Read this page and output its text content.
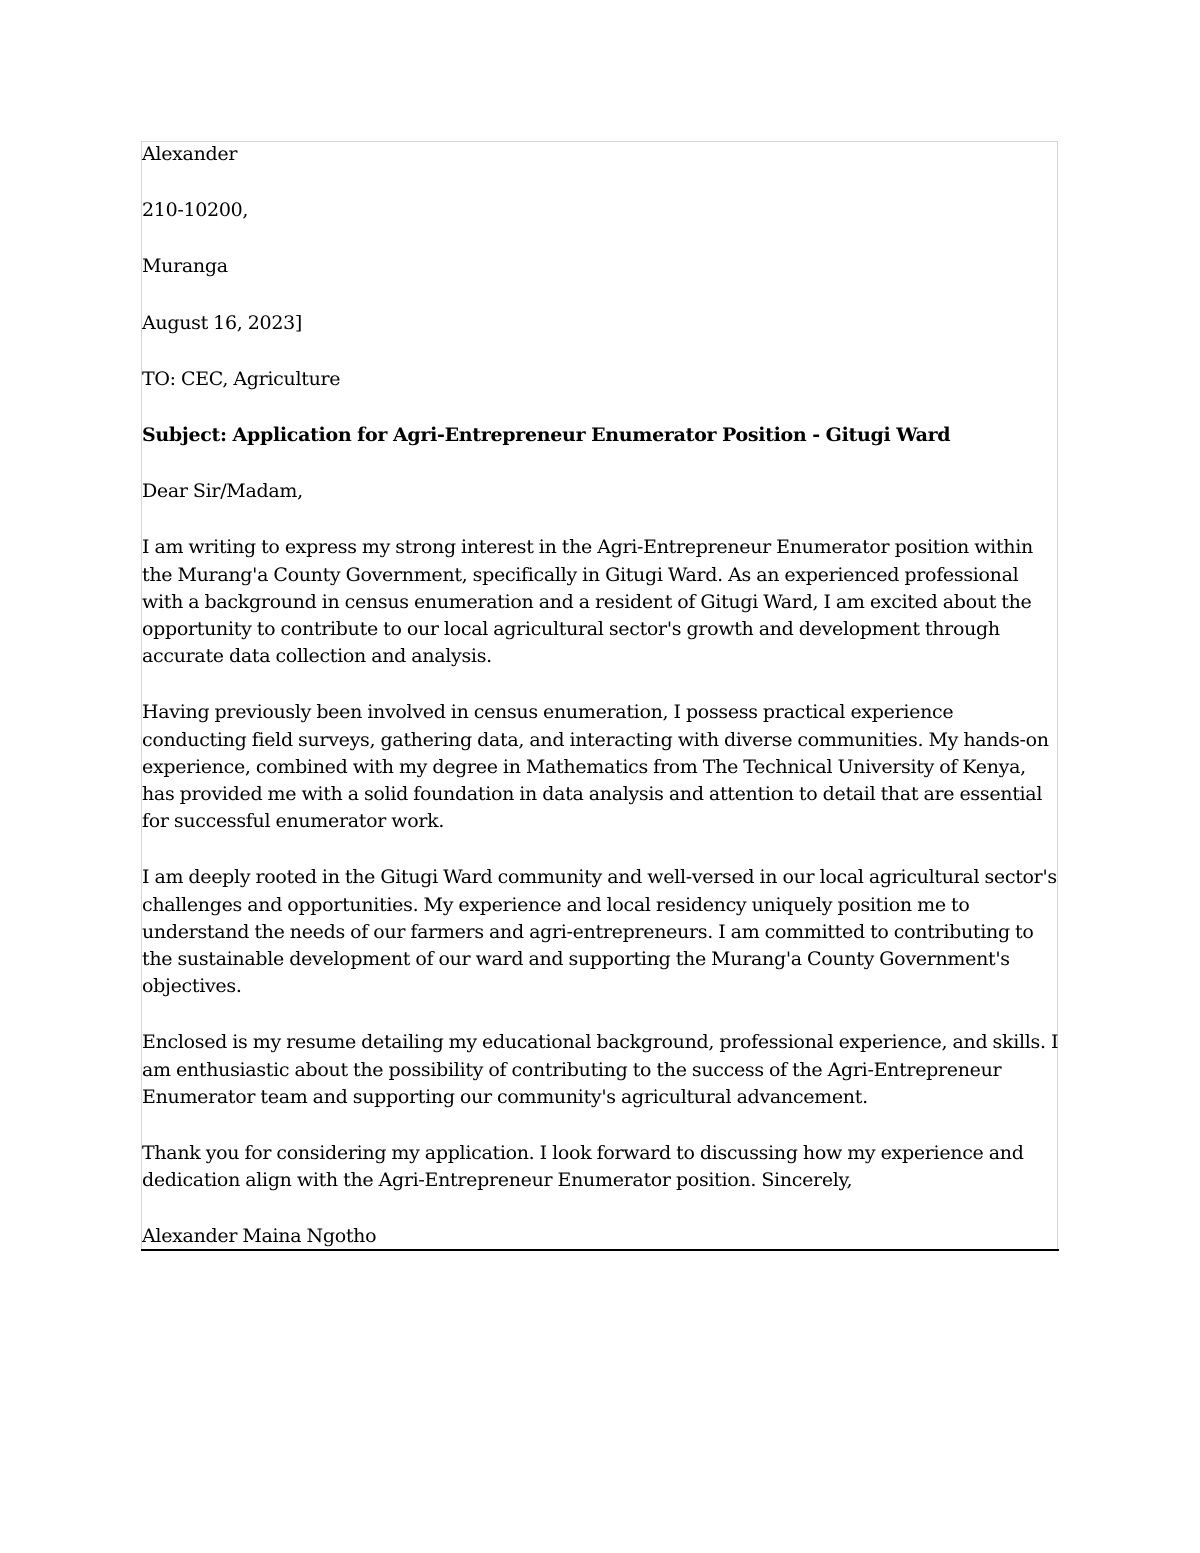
Alexander

210-10200,

Muranga

August 16, 2023]

TO: CEC, Agriculture

Subject: Application for Agri-Entrepreneur Enumerator Position - Gitugi Ward

Dear Sir/Madam,

I am writing to express my strong interest in the Agri-Entrepreneur Enumerator position within the Murang'a County Government, specifically in Gitugi Ward. As an experienced professional with a background in census enumeration and a resident of Gitugi Ward, I am excited about the opportunity to contribute to our local agricultural sector's growth and development through accurate data collection and analysis.

Having previously been involved in census enumeration, I possess practical experience conducting field surveys, gathering data, and interacting with diverse communities. My hands-on experience, combined with my degree in Mathematics from The Technical University of Kenya, has provided me with a solid foundation in data analysis and attention to detail that are essential for successful enumerator work.

I am deeply rooted in the Gitugi Ward community and well-versed in our local agricultural sector's challenges and opportunities. My experience and local residency uniquely position me to understand the needs of our farmers and agri-entrepreneurs. I am committed to contributing to the sustainable development of our ward and supporting the Murang'a County Government's objectives.

Enclosed is my resume detailing my educational background, professional experience, and skills. I am enthusiastic about the possibility of contributing to the success of the Agri-Entrepreneur Enumerator team and supporting our community's agricultural advancement.

Thank you for considering my application. I look forward to discussing how my experience and dedication align with the Agri-Entrepreneur Enumerator position. Sincerely,

Alexander Maina Ngotho
